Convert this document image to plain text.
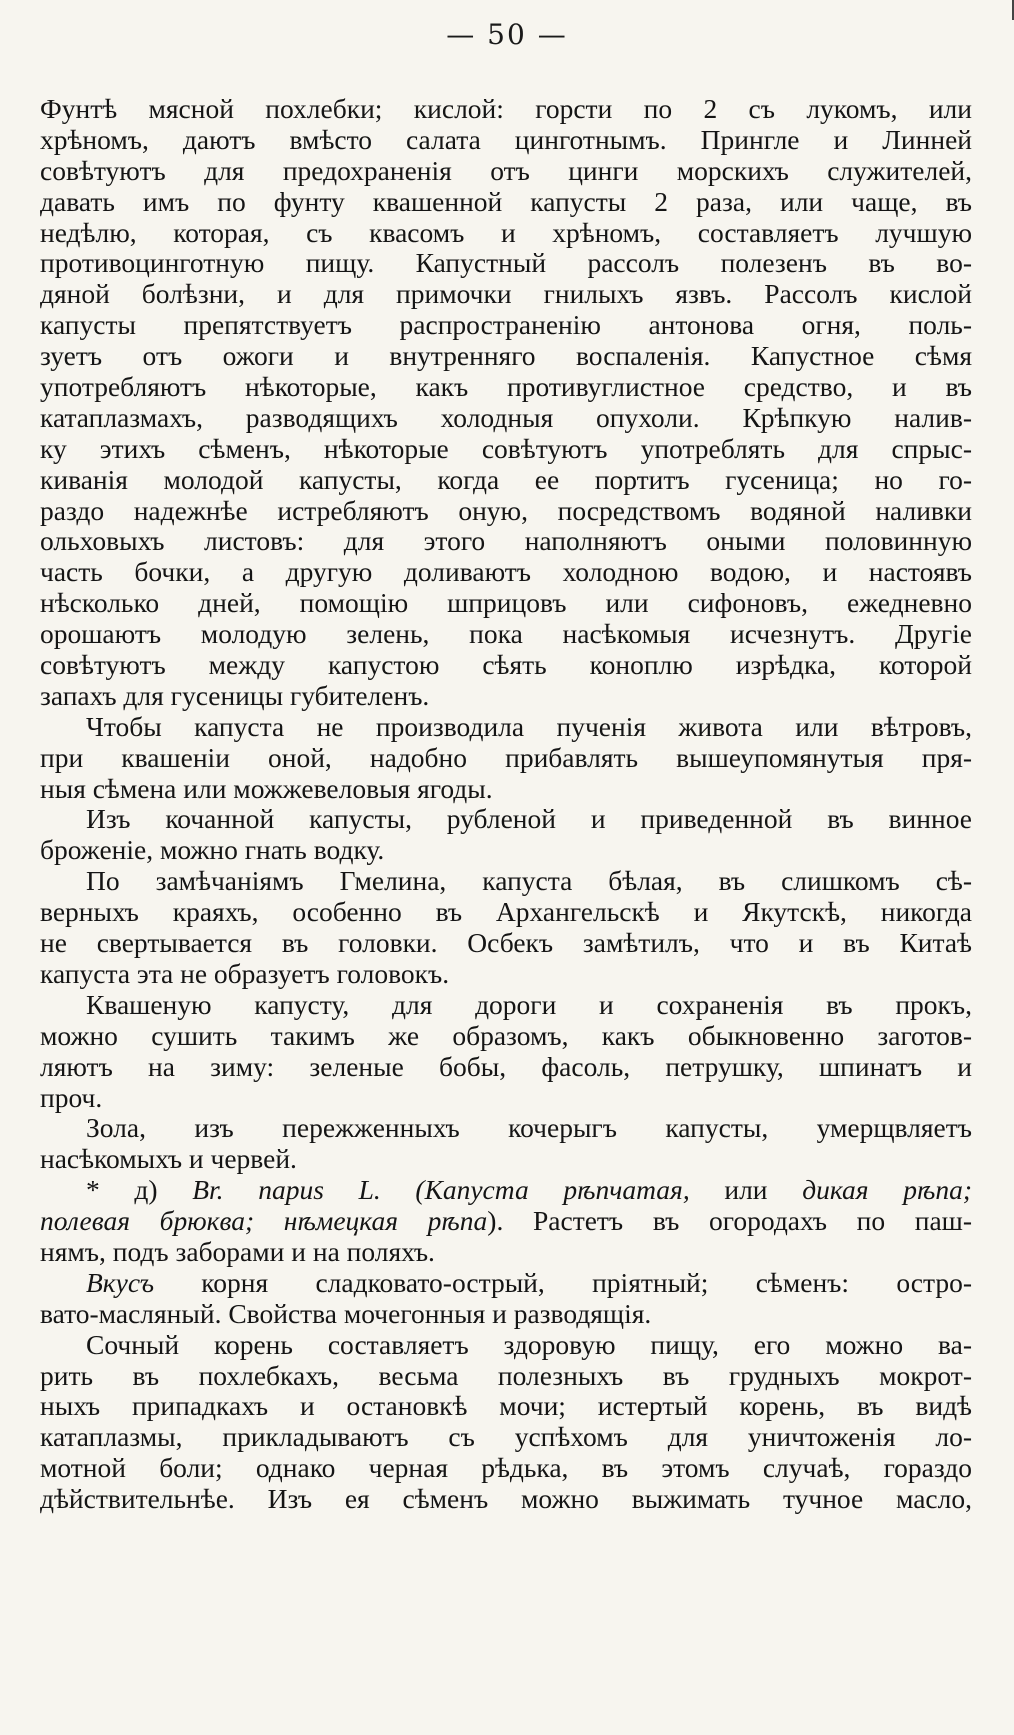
— 50 —
Фунтѣ мясной похлебки; кислой: горсти по 2 съ лукомъ, или
хрѣномъ, даютъ вмѣсто салата цинготнымъ. Прингле и Линней
совѣтуютъ для предохраненія отъ цинги морскихъ служителей,
давать имъ по фунту квашенной капусты 2 раза, или чаще, въ
недѣлю, которая, съ квасомъ и хрѣномъ, составляетъ лучшую
противоцинготную пищу. Капустный рассолъ полезенъ въ во-
дяной болѣзни, и для примочки гнилыхъ язвъ. Рассолъ кислой
капусты препятствуетъ распространенію антонова огня, поль-
зуетъ отъ ожоги и внутренняго воспаленія. Капустное сѣмя
употребляютъ нѣкоторые, какъ противуглистное средство, и въ
катаплазмахъ, разводящихъ холодныя опухоли. Крѣпкую налив-
ку этихъ сѣменъ, нѣкоторые совѣтуютъ употреблять для спрыс-
киванія молодой капусты, когда ее портитъ гусеница; но го-
раздо надежнѣе истребляютъ оную, посредствомъ водяной наливки
ольховыхъ листовъ: для этого наполняютъ оными половинную
часть бочки, а другую доливаютъ холодною водою, и настоявъ
нѣсколько дней, помощію шприцовъ или сифоновъ, ежедневно
орошаютъ молодую зелень, пока насѣкомыя исчезнутъ. Другіе
совѣтуютъ между капустою сѣять коноплю изрѣдка, которой
запахъ для гусеницы губителенъ.
Чтобы капуста не производила пученія живота или вѣтровъ,
при квашеніи оной, надобно прибавлять вышеупомянутыя пря-
ныя сѣмена или можжевеловыя ягоды.
Изъ кочанной капусты, рубленой и приведенной въ винное
броженіе, можно гнать водку.
По замѣчаніямъ Гмелина, капуста бѣлая, въ слишкомъ сѣ-
верныхъ краяхъ, особенно въ Архангельскѣ и Якутскѣ, никогда
не свертывается въ головки. Осбекъ замѣтилъ, что и въ Китаѣ
капуста эта не образуетъ головокъ.
Квашеную капусту, для дороги и сохраненія въ прокъ,
можно сушить такимъ же образомъ, какъ обыкновенно заготов-
ляютъ на зиму: зеленые бобы, фасоль, петрушку, шпинатъ и
проч.
Зола, изъ пережженныхъ кочерыгъ капусты, умерщвляетъ
насѣкомыхъ и червей.
* д) Br. napus L. (Капуста рѣпчатая, или дикая рѣпа;
полевая брюква; нѣмецкая рѣпа). Растетъ въ огородахъ по паш-
нямъ, подъ заборами и на поляхъ.
Вкусъ корня сладковато-острый, пріятный; сѣменъ: остро-
вато-масляный. Свойства мочегонныя и разводящія.
Сочный корень составляетъ здоровую пищу, его можно ва-
рить въ похлебкахъ, весьма полезныхъ въ грудныхъ мокрот-
ныхъ припадкахъ и остановкѣ мочи; истертый корень, въ видѣ
катаплазмы, прикладываютъ съ успѣхомъ для уничтоженія ло-
мотной боли; однако черная рѣдька, въ этомъ случаѣ, гораздо
дѣйствительнѣе. Изъ ея сѣменъ можно выжимать тучное масло,
